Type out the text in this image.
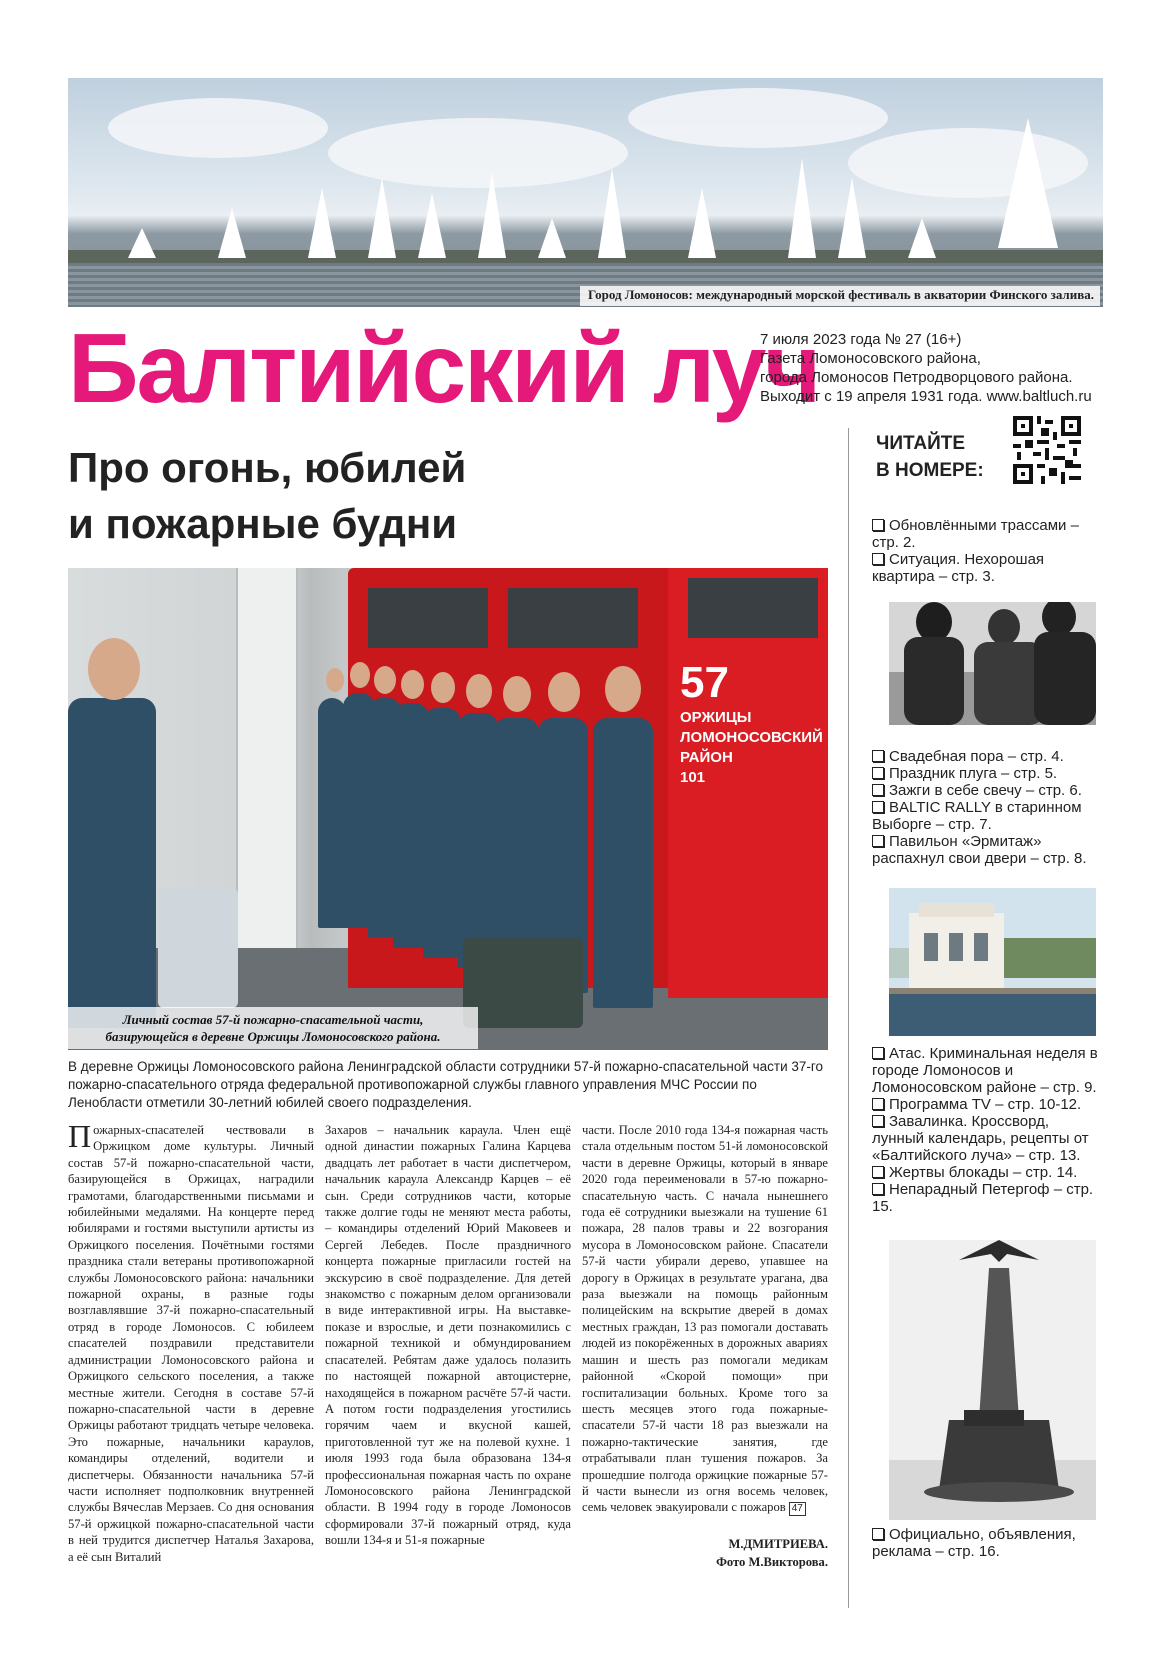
Город Ломоносов: международный морской фестиваль в акватории Финского залива.
Балтийский луч
7 июля 2023 года № 27 (16+)
Газета Ломоносовского района,
города Ломоносов Петродворцового района.
Выходит с 19 апреля 1931 года. www.baltluch.ru
Про огонь, юбилей
и пожарные будни
57
ОРЖИЦЫ
ЛОМОНОСОВСКИЙ
РАЙОН
101
Личный состав 57-й пожарно-спасательной части,
базирующейся в деревне Оржицы Ломоносовского района.
В деревне Оржицы Ломоносовского района Ленинградской области сотрудники 57-й пожарно-спасательной части 37-го пожарно-спасательного отряда федеральной противопожарной службы главного управления МЧС России по Ленобласти отметили 30-летний юбилей своего подразделения.
Пожарных-спасателей чествовали в Оржицком доме культуры. Личный состав 57-й пожарно-спасательной части, базирующейся в Оржицах, наградили грамотами, благодарственными письмами и юбилейными медалями. На концерте перед юбилярами и гостями выступили артисты из Оржицкого поселения. Почётными гостями праздника стали ветераны противопожарной службы Ломоносовского района: начальники пожарной охраны, в разные годы возглавлявшие 37-й пожарно-спасательный отряд в городе Ломоносов. С юбилеем спасателей поздравили представители администрации Ломоносовского района и Оржицкого сельского поселения, а также местные жители. Сегодня в составе 57-й пожарно-спасательной части в деревне Оржицы работают тридцать четыре человека. Это пожарные, начальники караулов, командиры отделений, водители и диспетчеры. Обязанности начальника 57-й части исполняет подполковник внутренней службы Вячеслав Мерзаев. Со дня основания 57-й оржицкой пожарно-спасательной части в ней трудится диспетчер Наталья Захарова, а её сын Виталий
Захаров – начальник караула. Член ещё одной династии пожарных Галина Карцева двадцать лет работает в части диспетчером, начальник караула Александр Карцев – её сын. Среди сотрудников части, которые также долгие годы не меняют места работы, – командиры отделений Юрий Маковеев и Сергей Лебедев. После праздничного концерта пожарные пригласили гостей на экскурсию в своё подразделение. Для детей знакомство с пожарным делом организовали в виде интерактивной игры. На выставке-показе и взрослые, и дети познакомились с пожарной техникой и обмундированием спасателей. Ребятам даже удалось полазить по настоящей пожарной автоцистерне, находящейся в пожарном расчёте 57-й части. А потом гости подразделения угостились горячим чаем и вкусной кашей, приготовленной тут же на полевой кухне. 1 июля 1993 года была образована 134-я профессиональная пожарная часть по охране Ломоносовского района Ленинградской области. В 1994 году в городе Ломоносов сформировали 37-й пожарный отряд, куда вошли 134-я и 51-я пожарные
части. После 2010 года 134-я пожарная часть стала отдельным постом 51-й ломоносовской части в деревне Оржицы, который в январе 2020 года переименовали в 57-ю пожарно-спасательную часть. С начала нынешнего года её сотрудники выезжали на тушение 61 пожара, 28 палов травы и 22 возгорания мусора в Ломоносовском районе. Спасатели 57-й части убирали дерево, упавшее на дорогу в Оржицах в результате урагана, два раза выезжали на помощь районным полицейским на вскрытие дверей в домах местных граждан, 13 раз помогали доставать людей из покорёженных в дорожных авариях машин и шесть раз помогали медикам районной «Скорой помощи» при госпитализации больных. Кроме того за шесть месяцев этого года пожарные-спасатели 57-й части 18 раз выезжали на пожарно-тактические занятия, где отрабатывали план тушения пожаров. За прошедшие полгода оржицкие пожарные 57-й части вынесли из огня восемь человек, семь человек эвакуировали с пожаров 47
М.ДМИТРИЕВА.
Фото М.Викторова.
ЧИТАЙТЕ
В НОМЕРЕ:
Обновлёнными трассами – стр. 2.
Ситуация. Нехорошая квартира – стр. 3.
Свадебная пора – стр. 4.
Праздник плуга – стр. 5.
Зажги в себе свечу – стр. 6.
BALTIC RALLY в старинном Выборге – стр. 7.
Павильон «Эрмитаж» распахнул свои двери – стр. 8.
Атас. Криминальная неделя в городе Ломоносов и Ломоносовском районе – стр. 9.
Программа TV – стр. 10-12.
Завалинка. Кроссворд, лунный календарь, рецепты от «Балтийского луча» – стр. 13.
Жертвы блокады – стр. 14.
Непарадный Петергоф – стр. 15.
Официально, объявления, реклама – стр. 16.
